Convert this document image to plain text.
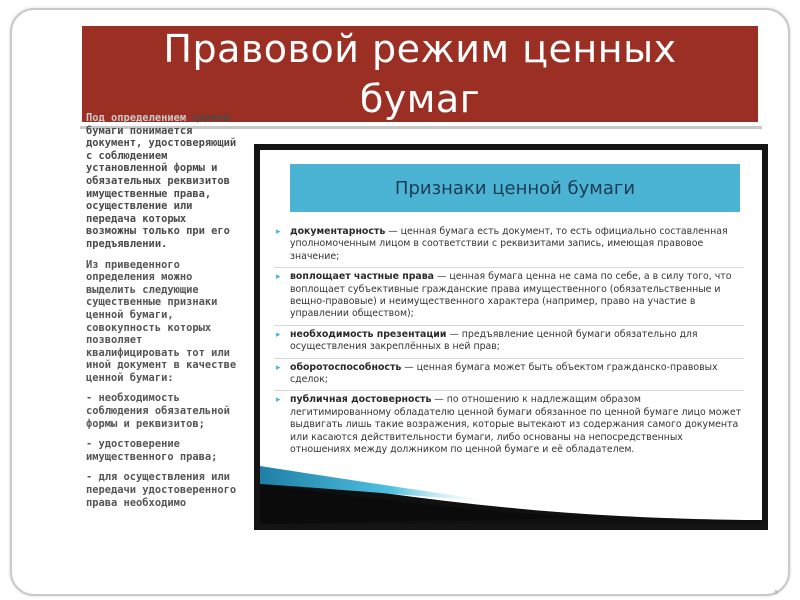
Правовой режим ценных
бумаг

Под определением ценной бумаги понимается документ, удостоверяющий с соблюдением установленной формы и обязательных реквизитов имущественные права, осуществление или передача которых возможны только при его предъявлении.

Из приведенного определения можно выделить следующие существенные признаки ценной бумаги, совокупность которых позволяет квалифицировать тот или иной документ в качестве ценной бумаги:

- необходимость соблюдения обязательной формы и реквизитов;

- удостоверение имущественного права;

- для осуществления или передачи удостоверенного права необходимо

Признаки ценной бумаги
▸ документарность — ценная бумага есть документ, то есть официально составленная уполномоченным лицом в соответствии с реквизитами запись, имеющая правовое значение;
▸ воплощает частные права — ценная бумага ценна не сама по себе, а в силу того, что воплощает субъективные гражданские права имущественного (обязательственные и вещно-правовые) и неимущественного характера (например, право на участие в управлении обществом);
▸ необходимость презентации — предъявление ценной бумаги обязательно для осуществления закреплённых в ней прав;
▸ оборотоспособность — ценная бумага может быть объектом гражданско-правовых сделок;
▸ публичная достоверность — по отношению к надлежащим образом легитимированному обладателю ценной бумаги обязанное по ценной бумаге лицо может выдвигать лишь такие возражения, которые вытекают из содержания самого документа или касаются действительности бумаги, либо основаны на непосредственных отношениях между должником по ценной бумаге и её обладателем.
3
